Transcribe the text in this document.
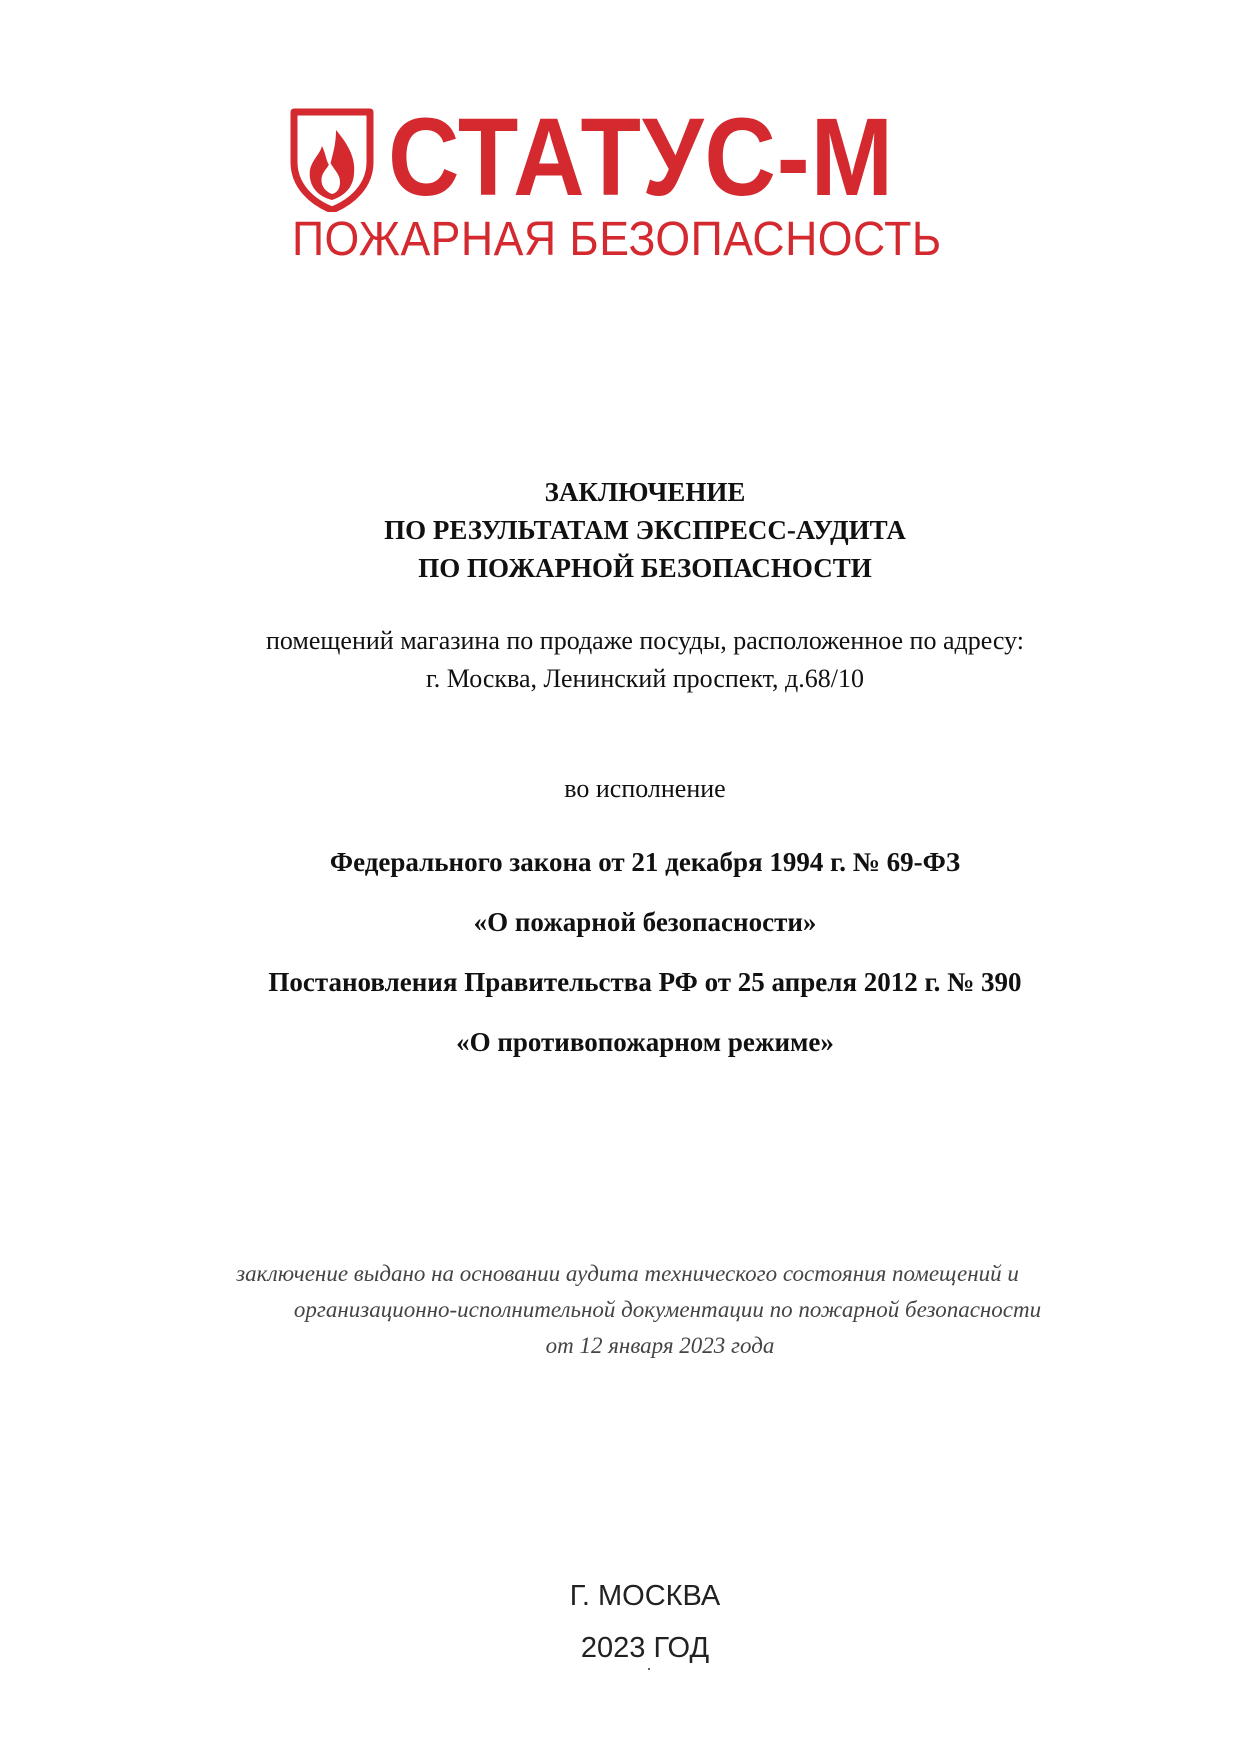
СТАТУС-М
ПОЖАРНАЯ БЕЗОПАСНОСТЬ
ЗАКЛЮЧЕНИЕ
ПО РЕЗУЛЬТАТАМ ЭКСПРЕСС-АУДИТА
ПО ПОЖАРНОЙ БЕЗОПАСНОСТИ
помещений магазина по продаже посуды, расположенное по адресу:
г. Москва, Ленинский проспект, д.68/10
во исполнение
Федерального закона от 21 декабря 1994 г. № 69-ФЗ
«О пожарной безопасности»
Постановления Правительства РФ от 25 апреля 2012 г. № 390
«О противопожарном режиме»
заключение выдано на основании аудита технического состояния помещений и
организационно-исполнительной документации по пожарной безопасности
от 12 января 2023 года
Г. МОСКВА
2023 ГОД
